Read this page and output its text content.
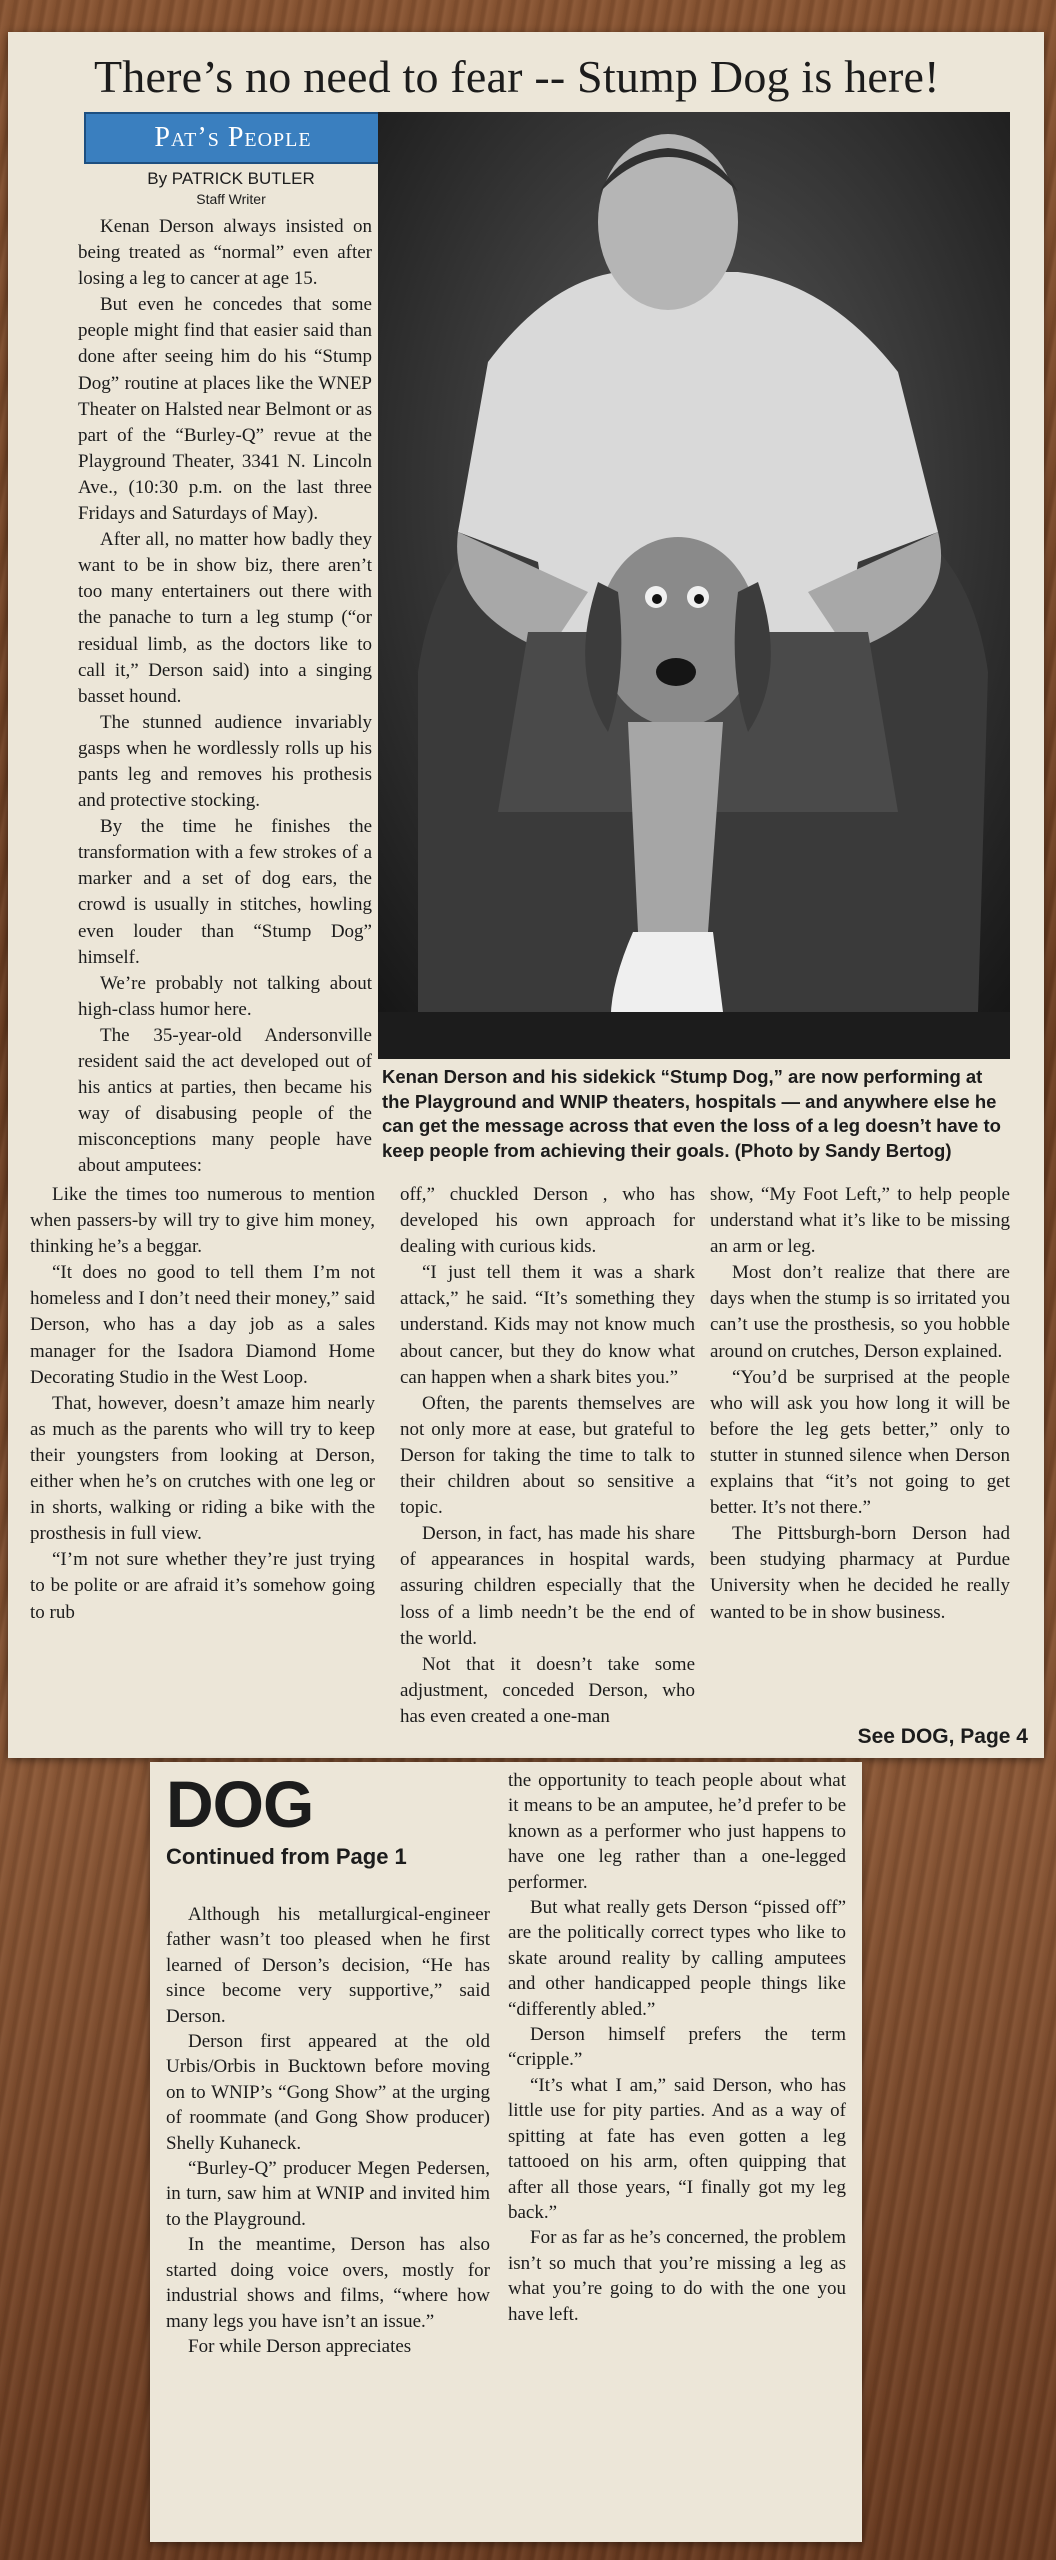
There’s no need to fear -- Stump Dog is here!
Pat’s People
By PATRICK BUTLER
Staff Writer

Kenan Derson always insisted on being treated as “normal” even after losing a leg to cancer at age 15.

But even he concedes that some people might find that easier said than done after seeing him do his “Stump Dog” routine at places like the WNEP Theater on Halsted near Belmont or as part of the “Burley-Q” revue at the Playground Theater, 3341 N. Lincoln Ave., (10:30 p.m. on the last three Fridays and Saturdays of May).

After all, no matter how badly they want to be in show biz, there aren’t too many entertainers out there with the panache to turn a leg stump (“or residual limb, as the doctors like to call it,” Derson said) into a singing basset hound.

The stunned audience invariably gasps when he wordlessly rolls up his pants leg and removes his prothesis and protective stocking.

By the time he finishes the transformation with a few strokes of a marker and a set of dog ears, the crowd is usually in stitches, howling even louder than “Stump Dog” himself.

We’re probably not talking about high-class humor here.

The 35-year-old Andersonville resident said the act developed out of his antics at parties, then became his way of disabusing people of the misconceptions many people have about amputees:

Kenan Derson and his sidekick “Stump Dog,” are now performing at the Playground and WNIP theaters, hospitals — and anywhere else he can get the message across that even the loss of a leg doesn’t have to keep people from achieving their goals. (Photo by Sandy Bertog)

Like the times too numerous to mention when passers-by will try to give him money, thinking he’s a beggar.

“It does no good to tell them I’m not homeless and I don’t need their money,” said Derson, who has a day job as a sales manager for the Isadora Diamond Home Decorating Studio in the West Loop.

That, however, doesn’t amaze him nearly as much as the parents who will try to keep their youngsters from looking at Derson, either when he’s on crutches with one leg or in shorts, walking or riding a bike with the prosthesis in full view.

“I’m not sure whether they’re just trying to be polite or are afraid it’s somehow going to rub

off,” chuckled Derson , who has developed his own approach for dealing with curious kids.

“I just tell them it was a shark attack,” he said. “It’s something they understand. Kids may not know much about cancer, but they do know what can happen when a shark bites you.”

Often, the parents themselves are not only more at ease, but grateful to Derson for taking the time to talk to their children about so sensitive a topic.

Derson, in fact, has made his share of appearances in hospital wards, assuring children especially that the loss of a limb needn’t be the end of the world.

Not that it doesn’t take some adjustment, conceded Derson, who has even created a one-man

show, “My Foot Left,” to help people understand what it’s like to be missing an arm or leg.

Most don’t realize that there are days when the stump is so irritated you can’t use the prosthesis, so you hobble around on crutches, Derson explained.

“You’d be surprised at the people who will ask you how long it will be before the leg gets better,” only to stutter in stunned silence when Derson explains that “it’s not going to get better. It’s not there.”

The Pittsburgh-born Derson had been studying pharmacy at Purdue University when he decided he really wanted to be in show business.

See DOG, Page 4
DOG
Continued from Page 1

Although his metallurgical-engineer father wasn’t too pleased when he first learned of Derson’s decision, “He has since become very supportive,” said Derson.

Derson first appeared at the old Urbis/Orbis in Bucktown before moving on to WNIP’s “Gong Show” at the urging of roommate (and Gong Show producer) Shelly Kuhaneck.

“Burley-Q” producer Megen Pedersen, in turn, saw him at WNIP and invited him to the Playground.

In the meantime, Derson has also started doing voice overs, mostly for industrial shows and films, “where how many legs you have isn’t an issue.”

For while Derson appreciates

the opportunity to teach people about what it means to be an amputee, he’d prefer to be known as a performer who just happens to have one leg rather than a one-legged performer.

But what really gets Derson “pissed off” are the politically correct types who like to skate around reality by calling amputees and other handicapped people things like “differently abled.”

Derson himself prefers the term “cripple.”

“It’s what I am,” said Derson, who has little use for pity parties. And as a way of spitting at fate has even gotten a leg tattooed on his arm, often quipping that after all those years, “I finally got my leg back.”

For as far as he’s concerned, the problem isn’t so much that you’re missing a leg as what you’re going to do with the one you have left.
